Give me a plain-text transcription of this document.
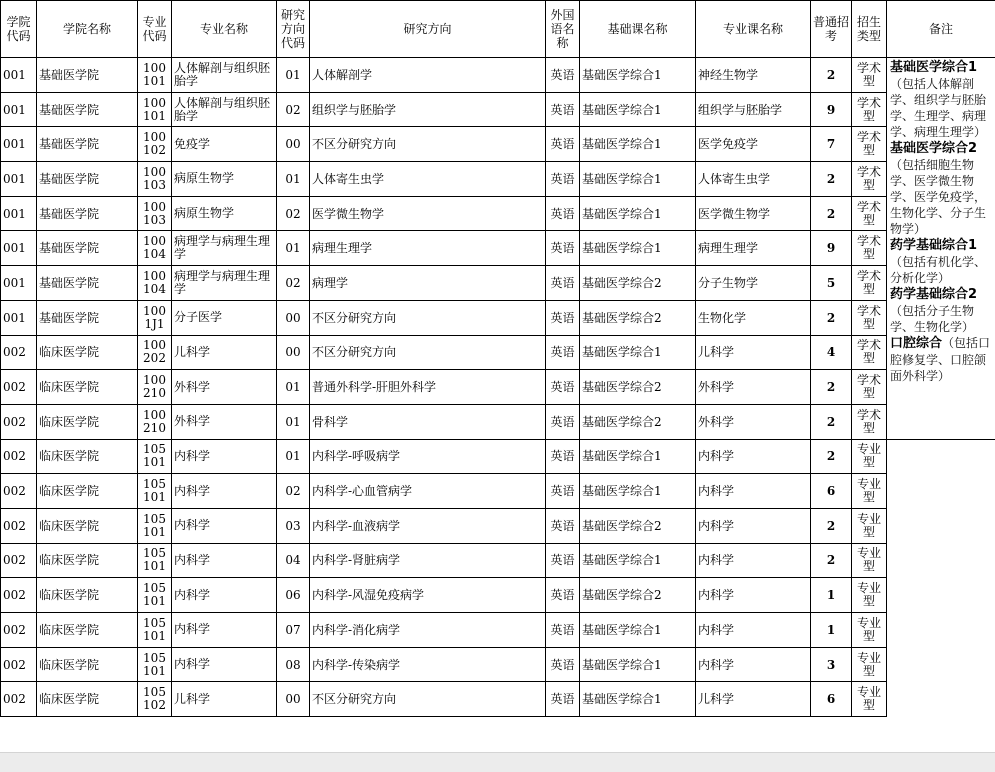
学院代码	学院名称	专业代码	专业名称	研究方向代码	研究方向	外国语名称	基础课名称	专业课名称	普通招考	招生类型	备注
001	基础医学院	100101	人体解剖与组织胚胎学	01	人体解剖学	英语	基础医学综合1	神经生物学	2	学术型	基础医学综合1（包括人体解剖学、组织学与胚胎学、生理学、病理学、病理生理学）

基础医学综合2（包括细胞生物学、医学微生物学、医学免疫学，生物化学、分子生物学）

药学基础综合1（包括有机化学、分析化学）

药学基础综合2（包括分子生物学、生物化学）

口腔综合（包括口腔修复学、口腔颌面外科学）

001	基础医学院	100101	人体解剖与组织胚胎学	02	组织学与胚胎学	英语	基础医学综合1	组织学与胚胎学	9	学术型	
001	基础医学院	100102	免疫学	00	不区分研究方向	英语	基础医学综合1	医学免疫学	7	学术型	
001	基础医学院	100103	病原生物学	01	人体寄生虫学	英语	基础医学综合1	人体寄生虫学	2	学术型	
001	基础医学院	100103	病原生物学	02	医学微生物学	英语	基础医学综合1	医学微生物学	2	学术型	
001	基础医学院	100104	病理学与病理生理学	01	病理生理学	英语	基础医学综合1	病理生理学	9	学术型	
001	基础医学院	100104	病理学与病理生理学	02	病理学	英语	基础医学综合2	分子生物学	5	学术型	
001	基础医学院	1001J1	分子医学	00	不区分研究方向	英语	基础医学综合2	生物化学	2	学术型	
002	临床医学院	100202	儿科学	00	不区分研究方向	英语	基础医学综合1	儿科学	4	学术型	
002	临床医学院	100210	外科学	01	普通外科学-肝胆外科学	英语	基础医学综合2	外科学	2	学术型	
002	临床医学院	100210	外科学	01	骨科学	英语	基础医学综合2	外科学	2	学术型	
002	临床医学院	105101	内科学	01	内科学-呼吸病学	英语	基础医学综合1	内科学	2	专业型	
002	临床医学院	105101	内科学	02	内科学-心血管病学	英语	基础医学综合1	内科学	6	专业型	
002	临床医学院	105101	内科学	03	内科学-血液病学	英语	基础医学综合2	内科学	2	专业型	
002	临床医学院	105101	内科学	04	内科学-肾脏病学	英语	基础医学综合1	内科学	2	专业型	
002	临床医学院	105101	内科学	06	内科学-风湿免疫病学	英语	基础医学综合2	内科学	1	专业型	
002	临床医学院	105101	内科学	07	内科学-消化病学	英语	基础医学综合1	内科学	1	专业型	
002	临床医学院	105101	内科学	08	内科学-传染病学	英语	基础医学综合1	内科学	3	专业型	
002	临床医学院	105102	儿科学	00	不区分研究方向	英语	基础医学综合1	儿科学	6	专业型	
